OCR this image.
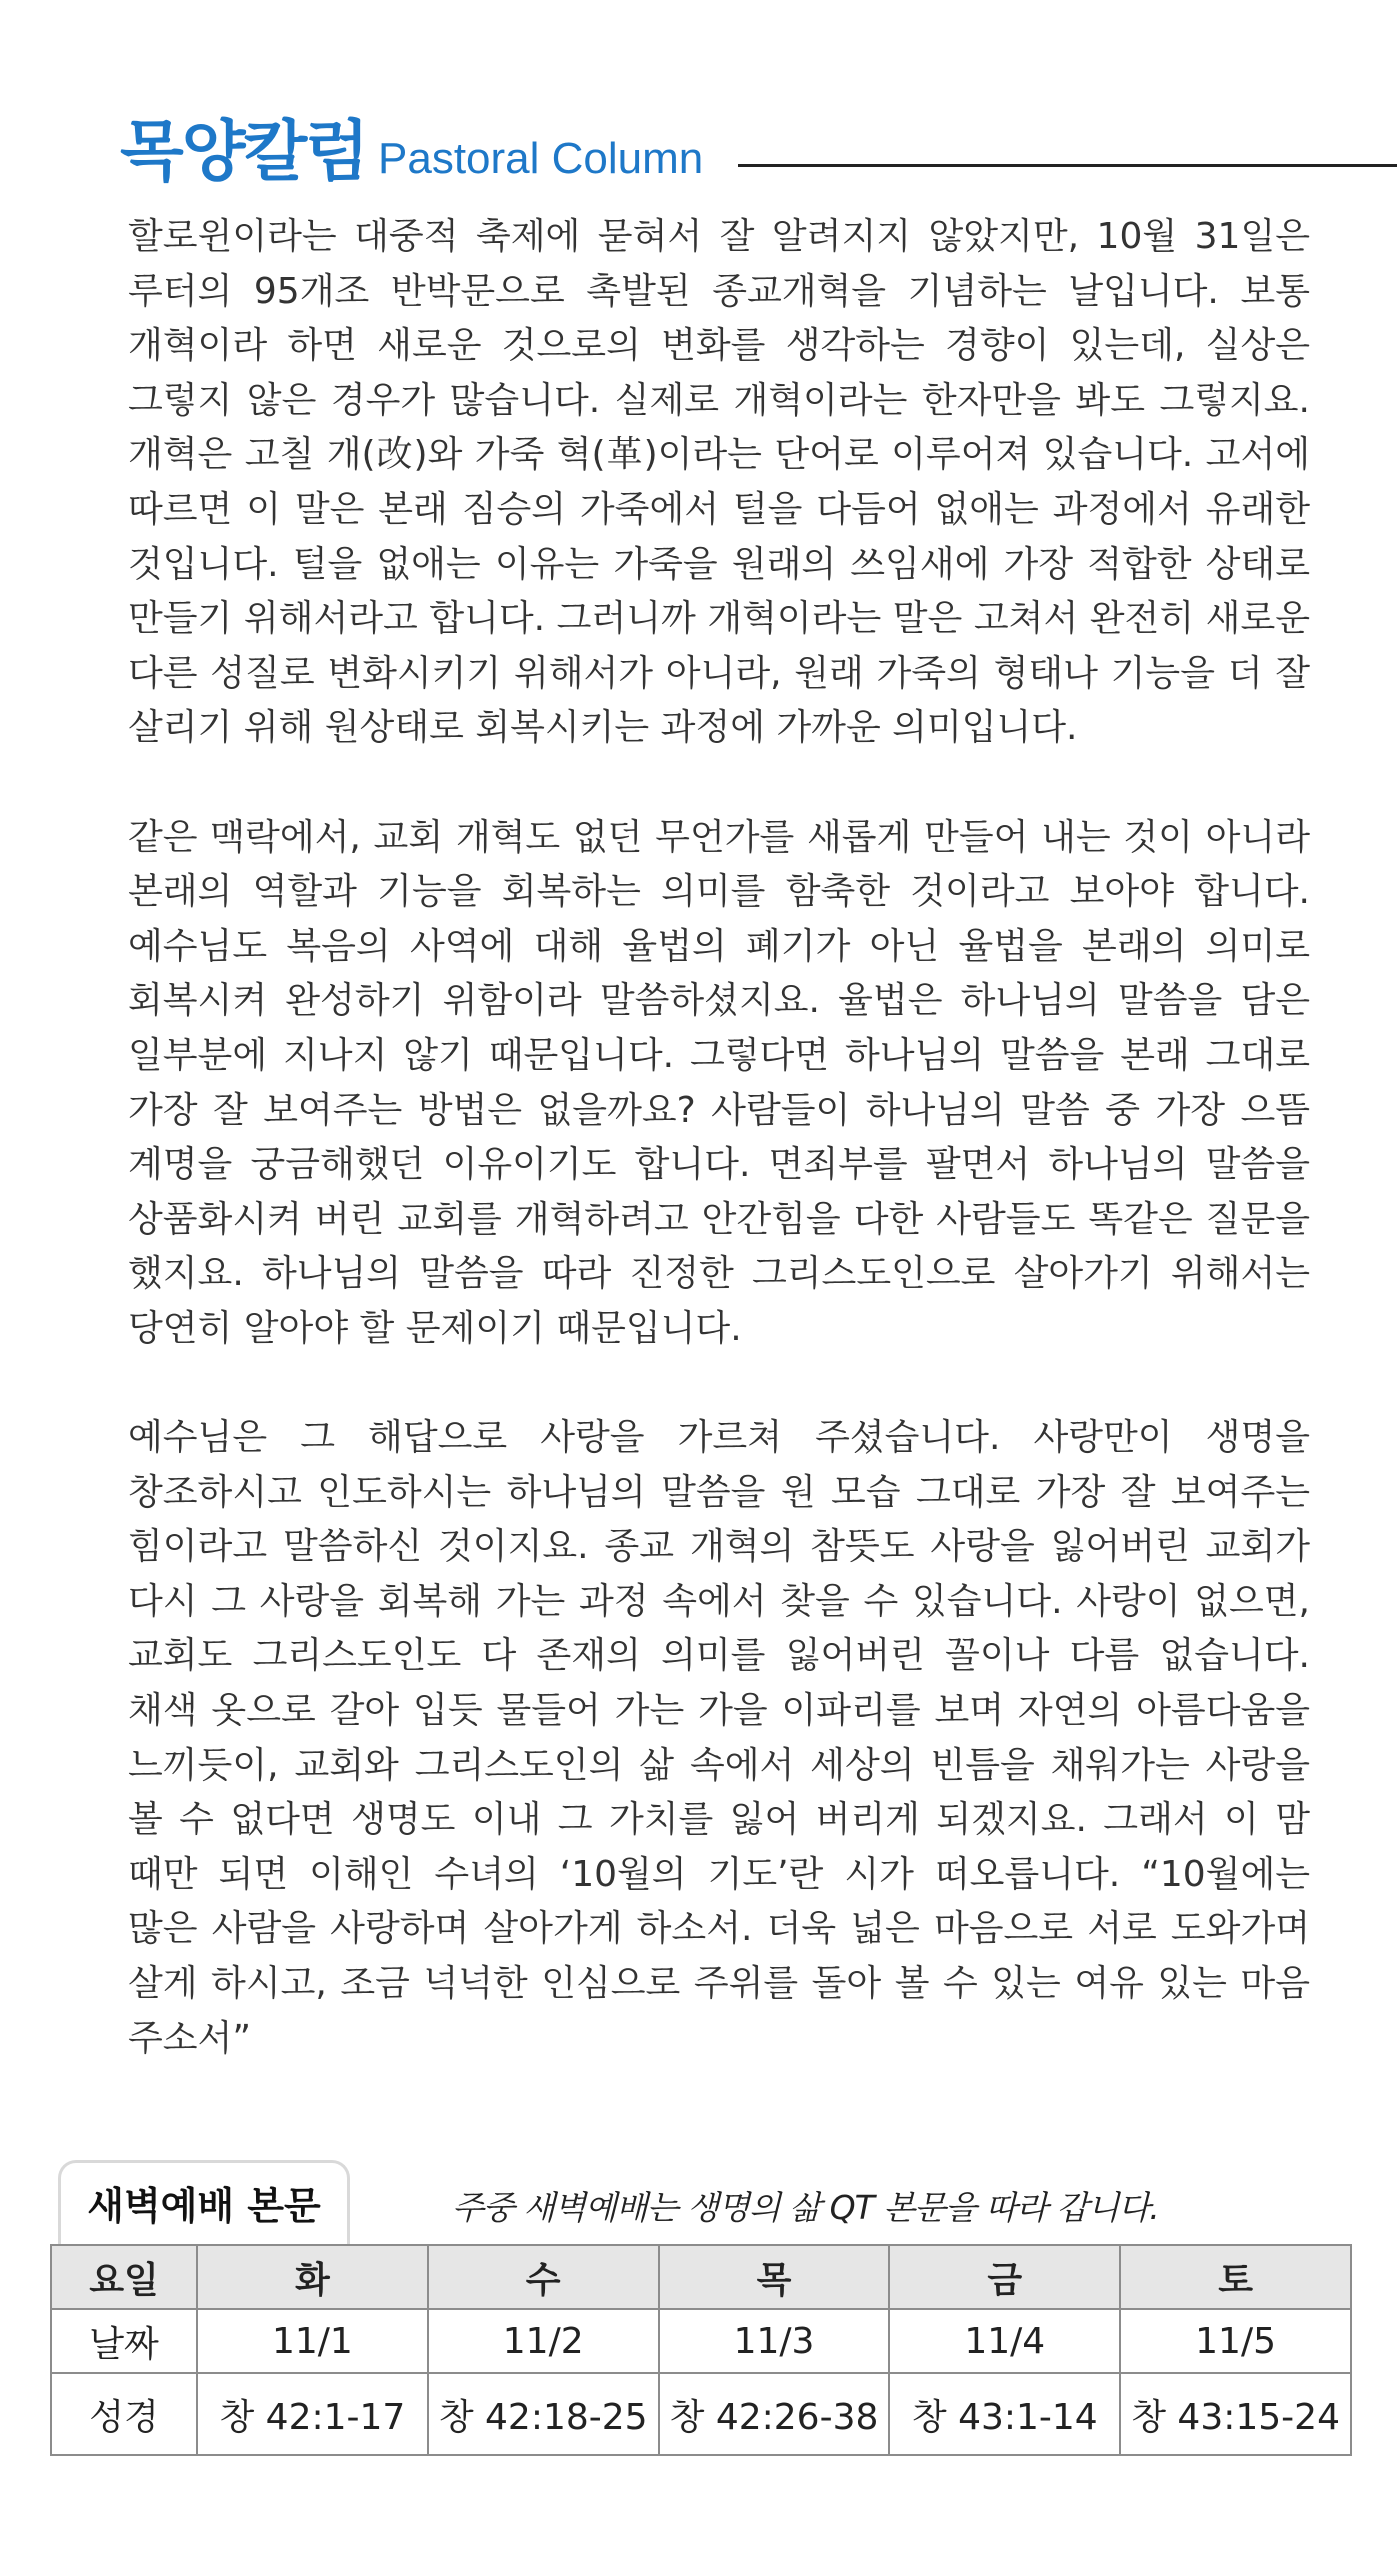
목양칼럼 Pastoral Column

할로윈이라는 대중적 축제에 묻혀서 잘 알려지지 않았지만, 10월 31일은 루터의 95개조 반박문으로 촉발된 종교개혁을 기념하는 날입니다. 보통 개혁이라 하면 새로운 것으로의 변화를 생각하는 경향이 있는데, 실상은 그렇지 않은 경우가 많습니다. 실제로 개혁이라는 한자만을 봐도 그렇지요. 개혁은 고칠 개(改)와 가죽 혁(革)이라는 단어로 이루어져 있습니다. 고서에 따르면 이 말은 본래 짐승의 가죽에서 털을 다듬어 없애는 과정에서 유래한 것입니다. 털을 없애는 이유는 가죽을 원래의 쓰임새에 가장 적합한 상태로 만들기 위해서라고 합니다. 그러니까 개혁이라는 말은 고쳐서 완전히 새로운 다른 성질로 변화시키기 위해서가 아니라, 원래 가죽의 형태나 기능을 더 잘 살리기 위해 원상태로 회복시키는 과정에 가까운 의미입니다.

같은 맥락에서, 교회 개혁도 없던 무언가를 새롭게 만들어 내는 것이 아니라 본래의 역할과 기능을 회복하는 의미를 함축한 것이라고 보아야 합니다. 예수님도 복음의 사역에 대해 율법의 폐기가 아닌 율법을 본래의 의미로 회복시켜 완성하기 위함이라 말씀하셨지요. 율법은 하나님의 말씀을 담은 일부분에 지나지 않기 때문입니다. 그렇다면 하나님의 말씀을 본래 그대로 가장 잘 보여주는 방법은 없을까요? 사람들이 하나님의 말씀 중 가장 으뜸 계명을 궁금해했던 이유이기도 합니다. 면죄부를 팔면서 하나님의 말씀을 상품화시켜 버린 교회를 개혁하려고 안간힘을 다한 사람들도 똑같은 질문을 했지요. 하나님의 말씀을 따라 진정한 그리스도인으로 살아가기 위해서는 당연히 알아야 할 문제이기 때문입니다.

예수님은 그 해답으로 사랑을 가르쳐 주셨습니다. 사랑만이 생명을 창조하시고 인도하시는 하나님의 말씀을 원 모습 그대로 가장 잘 보여주는 힘이라고 말씀하신 것이지요. 종교 개혁의 참뜻도 사랑을 잃어버린 교회가 다시 그 사랑을 회복해 가는 과정 속에서 찾을 수 있습니다. 사랑이 없으면, 교회도 그리스도인도 다 존재의 의미를 잃어버린 꼴이나 다름 없습니다. 채색 옷으로 갈아 입듯 물들어 가는 가을 이파리를 보며 자연의 아름다움을 느끼듯이, 교회와 그리스도인의 삶 속에서 세상의 빈틈을 채워가는 사랑을 볼 수 없다면 생명도 이내 그 가치를 잃어 버리게 되겠지요. 그래서 이 맘 때만 되면 이해인 수녀의 ‘10월의 기도’란 시가 떠오릅니다. “10월에는 많은 사람을 사랑하며 살아가게 하소서. 더욱 넓은 마음으로 서로 도와가며 살게 하시고, 조금 넉넉한 인심으로 주위를 돌아 볼 수 있는 여유 있는 마음 주소서”

새벽예배 본문	주중 새벽예배는 생명의 삶 QT 본문을 따라 갑니다.
요일	화	수	목	금	토
날짜	11/1	11/2	11/3	11/4	11/5
성경	창 42:1-17	창 42:18-25	창 42:26-38	창 43:1-14	창 43:15-24
